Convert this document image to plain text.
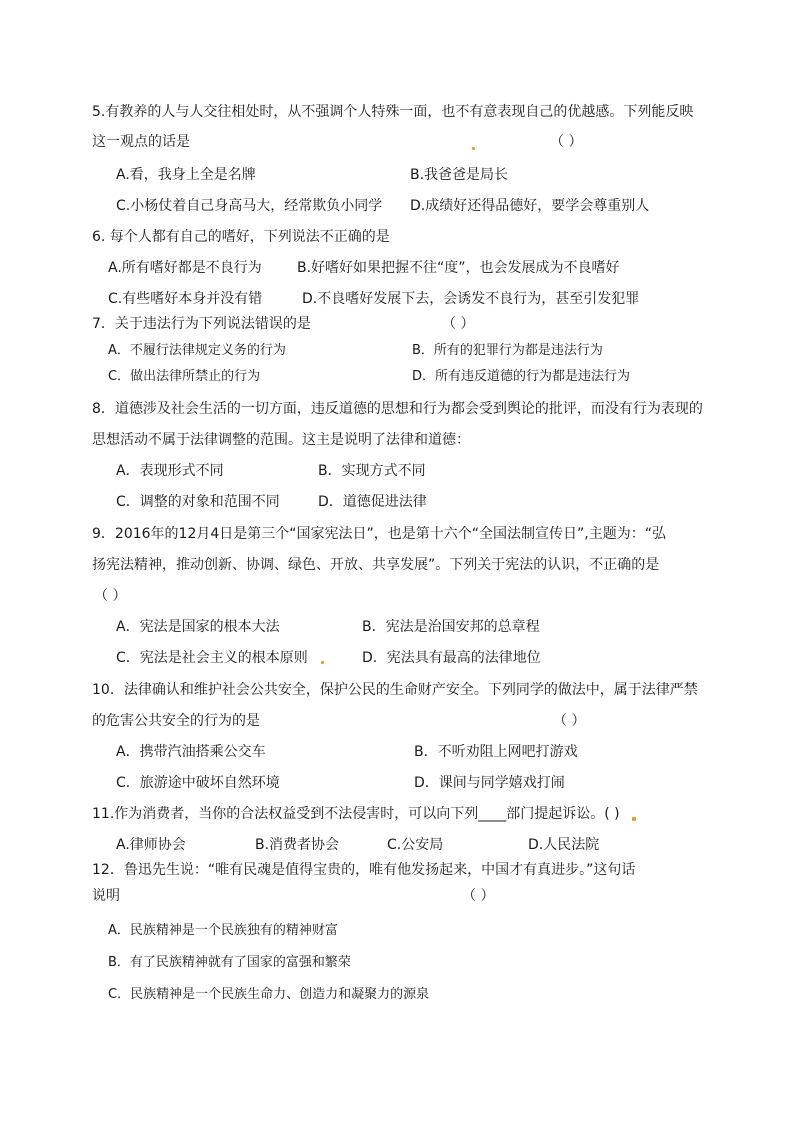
5.有教养的人与人交往相处时，从不强调个人特殊一面，也不有意表现自己的优越感。下列能反映
这一观点的话是	（ ）
A.看，我身上全是名牌	B.我爸爸是局长
C.小杨仗着自己身高马大，经常欺负小同学 D.成绩好还得品德好，要学会尊重别人
6. 每个人都有自己的嗜好，下列说法不正确的是
A.所有嗜好都是不良行为	B.好嗜好如果把握不往“度”，也会发展成为不良嗜好
C.有些嗜好本身并没有错	D.不良嗜好发展下去，会诱发不良行为，甚至引发犯罪
7．关于违法行为下列说法错误的是	（ ）
A．不履行法律规定义务的行为	B．所有的犯罪行为都是违法行为
C．做出法律所禁止的行为	D．所有违反道德的行为都是违法行为
8．道德涉及社会生活的一切方面，违反道德的思想和行为都会受到舆论的批评，而没有行为表现的
思想活动不属于法律调整的范围。这主是说明了法律和道德：
A．表现形式不同	B．实现方式不同
C．调整的对象和范围不同	D．道德促进法律
9．2016年的12月4日是第三个“国家宪法日”，也是第十六个“全国法制宣传日”,主题为：“弘
扬宪法精神，推动创新、协调、绿色、开放、共享发展”。下列关于宪法的认识，不正确的是
（ ）
A．宪法是国家的根本大法	B．宪法是治国安邦的总章程
C．宪法是社会主义的根本原则	D．宪法具有最高的法律地位
10．法律确认和维护社会公共安全，保护公民的生命财产安全。下列同学的做法中，属于法律严禁
的危害公共安全的行为的是	（ ）
A．携带汽油搭乘公交车	B．不听劝阻上网吧打游戏
C．旅游途中破坏自然环境	D．课间与同学嬉戏打闹
11.作为消费者，当你的合法权益受到不法侵害时，可以向下列____部门提起诉讼。( )
A.律师协会	B.消费者协会	C.公安局	D.人民法院
12．鲁迅先生说：“唯有民魂是值得宝贵的，唯有他发扬起来，中国才有真进步。”这句话
说明	（ ）
A．民族精神是一个民族独有的精神财富
B．有了民族精神就有了国家的富强和繁荣
C．民族精神是一个民族生命力、创造力和凝聚力的源泉
